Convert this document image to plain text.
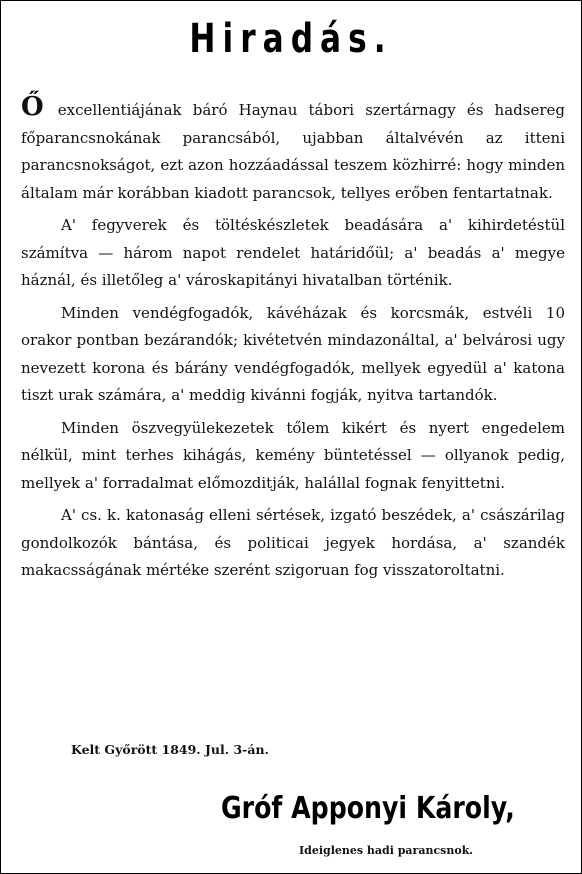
Hiradás.

Ő excellentiájának báró Haynau tábori szertárnagy és hadsereg főparancsnokának parancsából, ujabban általvévén az itteni parancsnokságot, ezt azon hozzáadással teszem közhirré: hogy minden általam már korábban kiadott parancsok, tellyes erőben fentartatnak.

A' fegyverek és töltéskészletek beadására a' kihirdetéstül számítva — három napot rendelet határidőül; a' beadás a' megye háznál, és illetőleg a' városkapitányi hivatalban történik.

Minden vendégfogadók, kávéházak és korcsmák, estvéli 10 orakor pontban bezárandók; kivétetvén mindazonáltal, a' belvárosi ugy nevezett korona és bárány vendégfogadók, mellyek egyedül a' katona tiszt urak számára, a' meddig kivánni fogják, nyitva tartandók.

Minden öszvegyülekezetek tőlem kikért és nyert engedelem nélkül, mint terhes kihágás, kemény büntetéssel — ollyanok pedig, mellyek a' forradalmat előmozditják, halállal fognak fenyittetni.

A' cs. k. katonaság elleni sértések, izgató beszédek, a' császárilag gondolkozók bántása, és politicai jegyek hordása, a' szandék makacsságának mértéke szerént szigoruan fog visszatoroltatni.

Kelt Győrött 1849. Jul. 3-án.
Gróf Apponyi Károly,
Ideiglenes hadi parancsnok.
